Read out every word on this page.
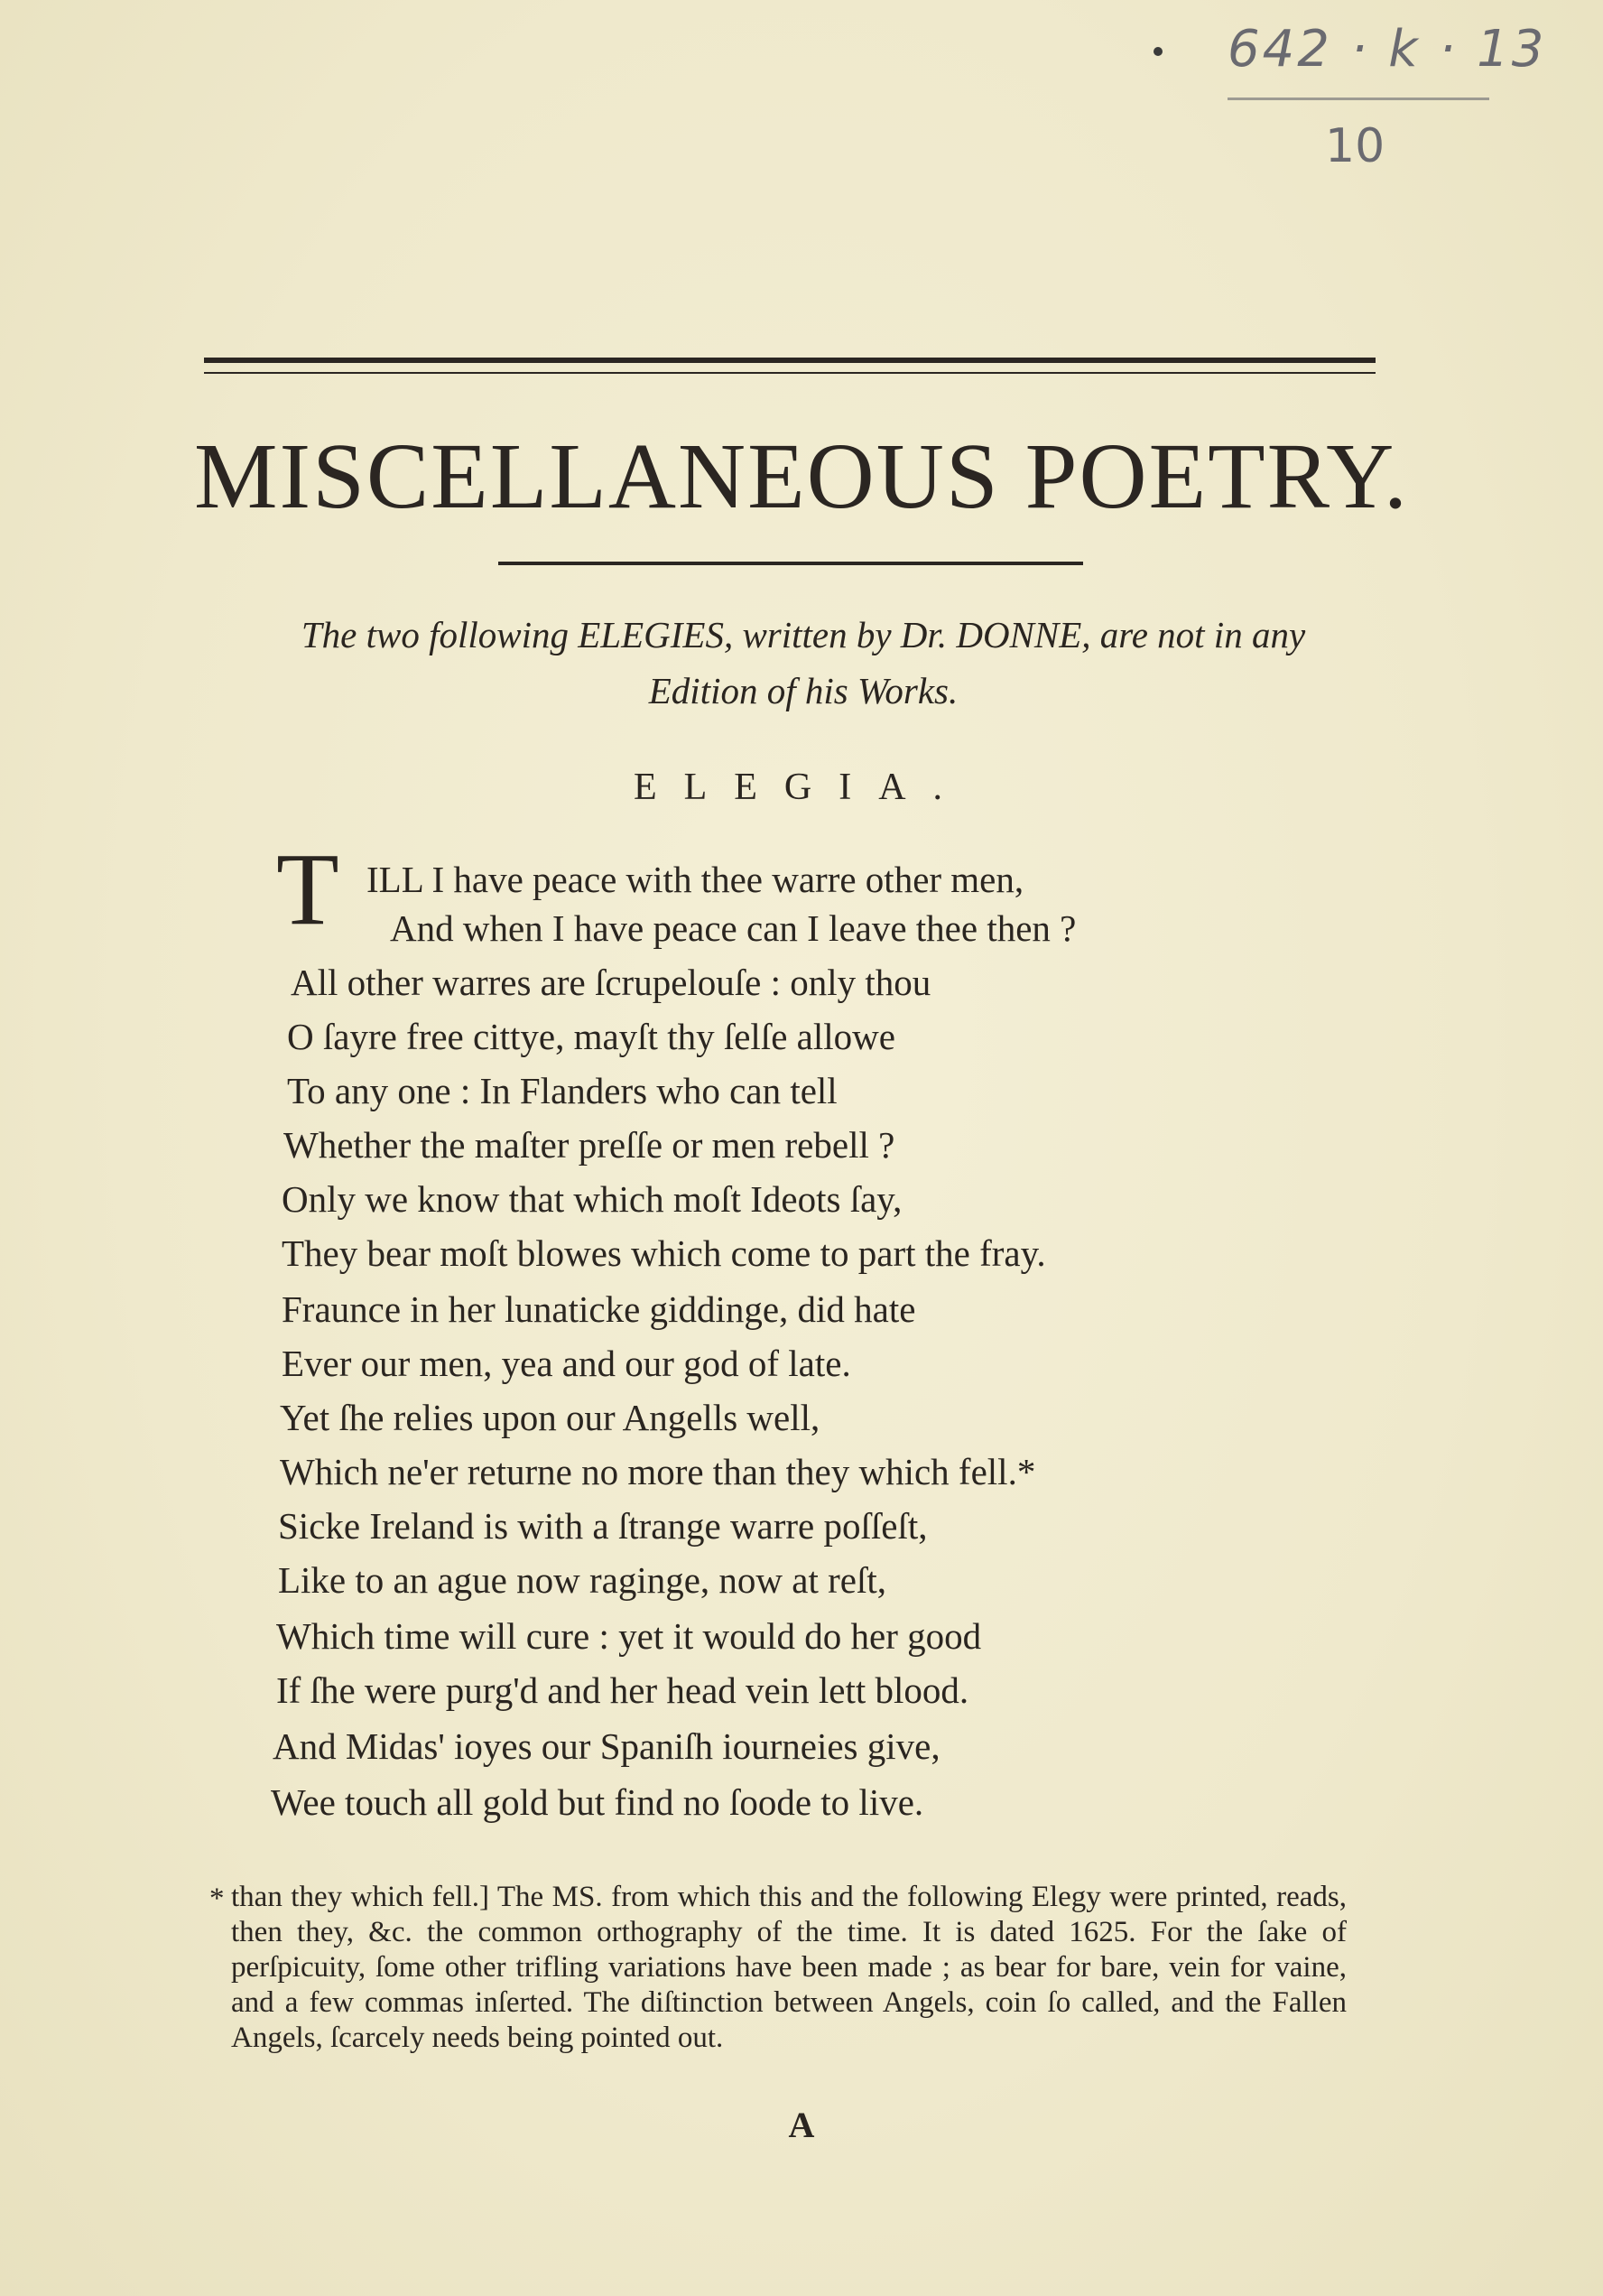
642 · k · 13
10
MISCELLANEOUS POETRY.

The two following ELEGIES, written by Dr. DONNE, are not in any
Edition of his Works.

ELEGIA.
T ILL I have peace with thee warre other men,
And when I have peace can I leave thee then ?
All other warres are ſcrupelouſe : only thou
O ſayre free cittye, mayſt thy ſelſe allowe
To any one : In Flanders who can tell
Whether the maſter preſſe or men rebell ?
Only we know that which moſt Ideots ſay,
They bear moſt blowes which come to part the fray.
Fraunce in her lunaticke giddinge, did hate
Ever our men, yea and our god of late.
Yet ſhe relies upon our Angells well,
Which ne'er returne no more than they which fell.*
Sicke Ireland is with a ſtrange warre poſſeſt,
Like to an ague now raginge, now at reſt,
Which time will cure : yet it would do her good
If ſhe were purg'd and her head vein lett blood.
And Midas' ioyes our Spaniſh iourneies give,
Wee touch all gold but find no ſoode to live.

* than they which fell.] The MS. from which this and the following Elegy were printed, reads, then they, &c. the common orthography of the time. It is dated 1625. For the ſake of perſpicuity, ſome other trifling variations have been made ; as bear for bare, vein for vaine, and a few commas inſerted. The diſtinction between Angels, coin ſo called, and the Fallen Angels, ſcarcely needs being pointed out.

A
